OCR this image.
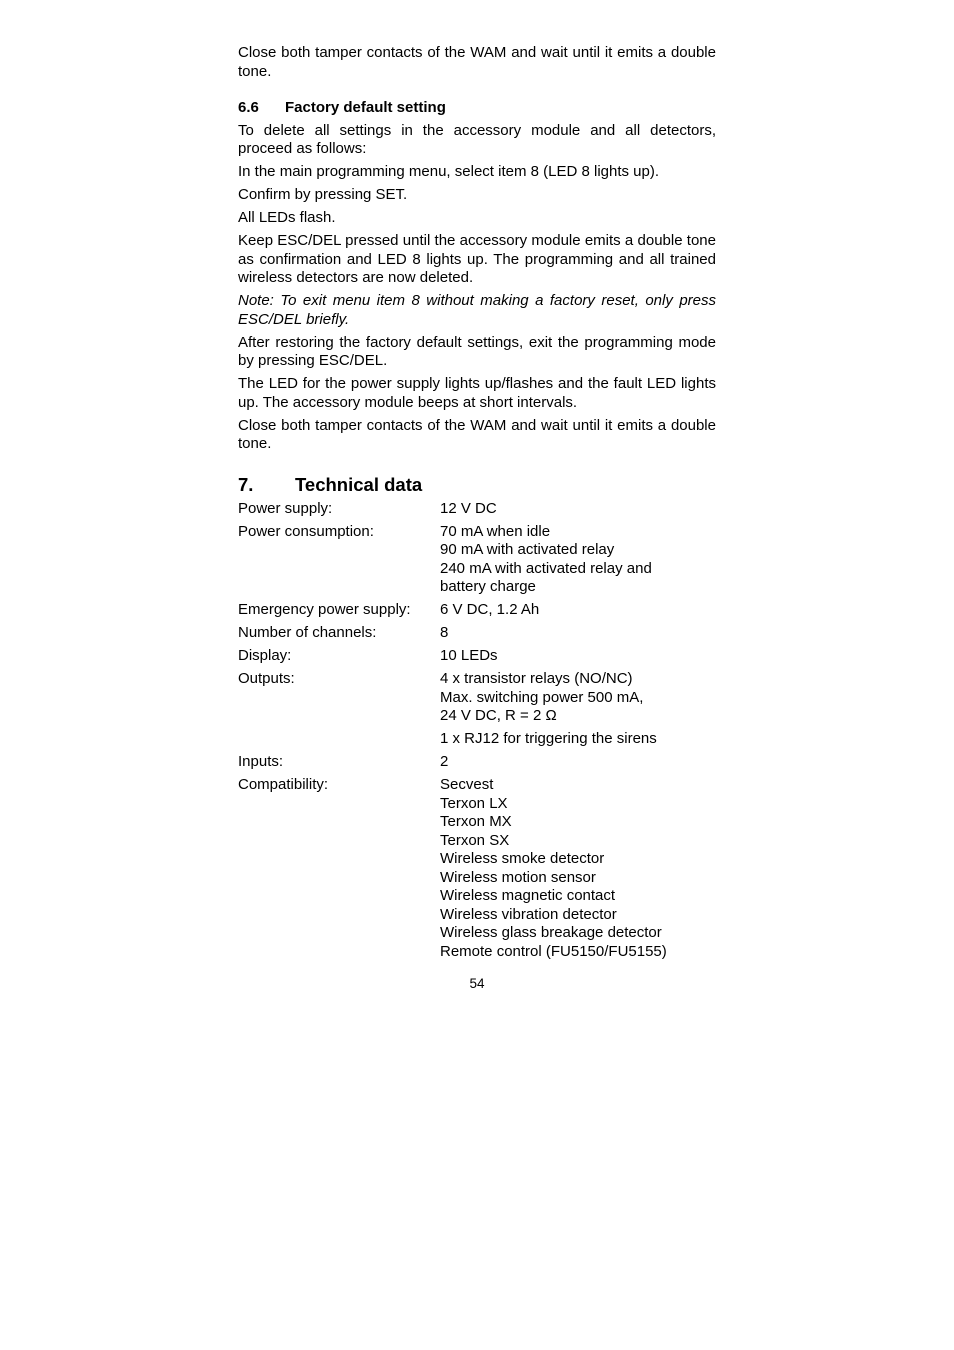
Close both tamper contacts of the WAM and wait until it emits a double tone.

6.6	Factory default setting

To delete all settings in the accessory module and all detectors, proceed as follows:

In the main programming menu, select item 8 (LED 8 lights up).

Confirm by pressing SET.

All LEDs flash.

Keep ESC/DEL pressed until the accessory module emits a double tone as confirmation and LED 8 lights up. The programming and all trained wireless detectors are now deleted.

Note: To exit menu item 8 without making a factory reset, only press ESC/DEL briefly.

After restoring the factory default settings, exit the programming mode by pressing ESC/DEL.

The LED for the power supply lights up/flashes and the fault LED lights up. The accessory module beeps at short intervals.

Close both tamper contacts of the WAM and wait until it emits a double tone.

7.	Technical data
Power supply:	12 V DC
Power consumption:	70 mA when idle
90 mA with activated relay
240 mA with activated relay and
battery charge
Emergency power supply:	6 V DC, 1.2 Ah
Number of channels:	8
Display:	10 LEDs
Outputs:	4 x transistor relays (NO/NC)
Max. switching power 500 mA,
24 V DC, R = 2 Ω
1 x RJ12 for triggering the sirens
Inputs:	2
Compatibility:	Secvest
Terxon LX
Terxon MX
Terxon SX
Wireless smoke detector
Wireless motion sensor
Wireless magnetic contact
Wireless vibration detector
Wireless glass breakage detector
Remote control (FU5150/FU5155)
54
